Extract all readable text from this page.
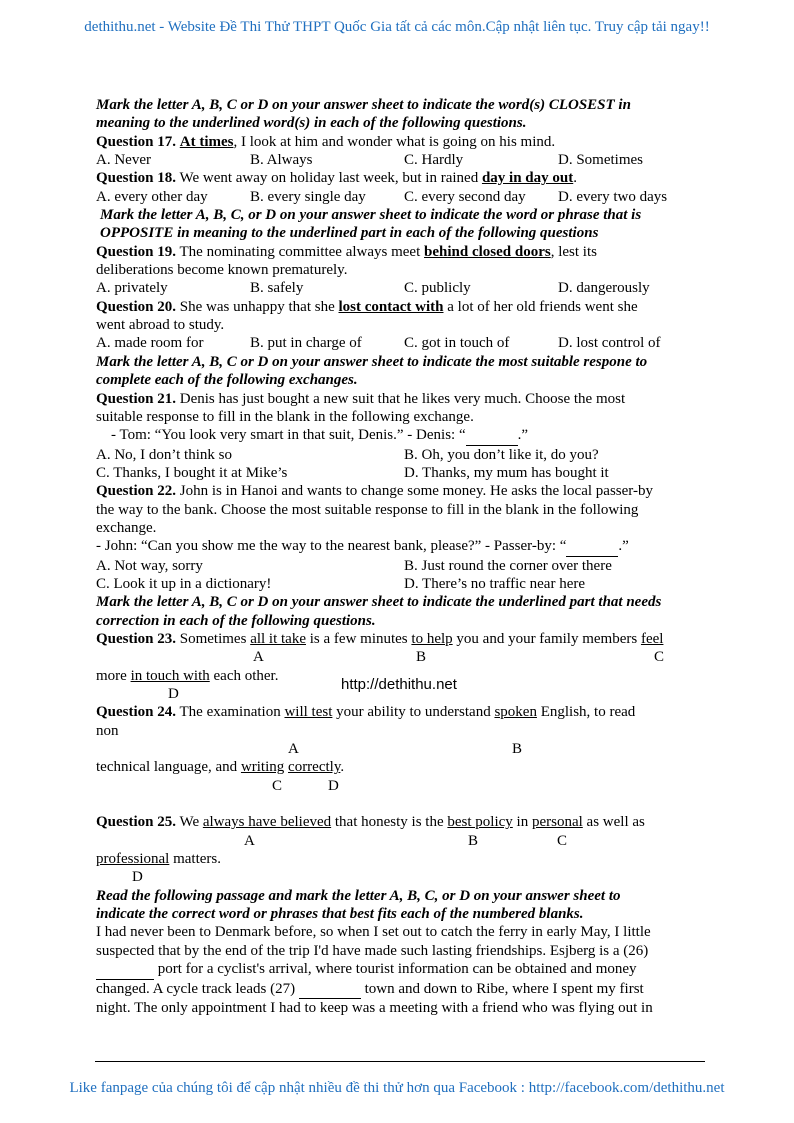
dethithu.net - Website Đề Thi Thử THPT Quốc Gia tất cả các môn.Cập nhật liên tục. Truy cập tải ngay!!
Mark the letter A, B, C or D on your answer sheet to indicate the word(s) CLOSEST in
meaning to the underlined word(s) in each of the following questions.
Question 17. At times, I look at him and wonder what is going on his mind.
A. Never	B. Always	C. Hardly	D. Sometimes
Question 18. We went away on holiday last week, but in rained day in day out.
A. every other day	B. every single day	C. every second day D. every two days
Mark the letter A, B, C, or D on your answer sheet to indicate the word or phrase that is
OPPOSITE in meaning to the underlined part in each of the following questions
Question 19. The nominating committee always meet behind closed doors, lest its
deliberations become known prematurely.
A. privately	B. safely	C. publicly	D. dangerously
Question 20. She was unhappy that she lost contact with a lot of her old friends went she
went abroad to study.
A. made room for	B. put in charge of	C. got in touch of	D. lost control of
Mark the letter A, B, C or D on your answer sheet to indicate the most suitable respone to
complete each of the following exchanges.
Question 21. Denis has just bought a new suit that he likes very much. Choose the most
suitable response to fill in the blank in the following exchange.
- Tom: “You look very smart in that suit, Denis.” - Denis: “	.”
A. No, I don’t think so	B. Oh, you don’t like it, do you?
C. Thanks, I bought it at Mike’s	D. Thanks, my mum has bought it
Question 22. John is in Hanoi and wants to change some money. He asks the local passer-by
the way to the bank. Choose the most suitable response to fill in the blank in the following
exchange.
- John: “Can you show me the way to the nearest bank, please?” - Passer-by: “	.”
A. Not way, sorry	B. Just round the corner over there
C. Look it up in a dictionary!	D. There’s no traffic near here
Mark the letter A, B, C or D on your answer sheet to indicate the underlined part that needs
correction in each of the following questions.
Question 23. Sometimes all it take is a few minutes to help you and your family members feel
A	B	C
more in touch with each other.
D
Question 24. The examination will test your ability to understand spoken English, to read
non
A	B
technical language, and writing correctly.
C	D
Question 25. We always have believed that honesty is the best policy in personal as well as
A	B	C
professional matters.
D
Read the following passage and mark the letter A, B, C, or D on your answer sheet to
indicate the correct word or phrases that best fits each of the numbered blanks.
I had never been to Denmark before, so when I set out to catch the ferry in early May, I little
suspected that by the end of the trip I'd have made such lasting friendships. Esjberg is a (26)
port for a cyclist's arrival, where tourist information can be obtained and money
changed. A cycle track leads (27)	town and down to Ribe, where I spent my first
night. The only appointment I had to keep was a meeting with a friend who was flying out in
http://dethithu.net
Like fanpage của chúng tôi để cập nhật nhiều đề thi thử hơn qua Facebook : http://facebook.com/dethithu.net
